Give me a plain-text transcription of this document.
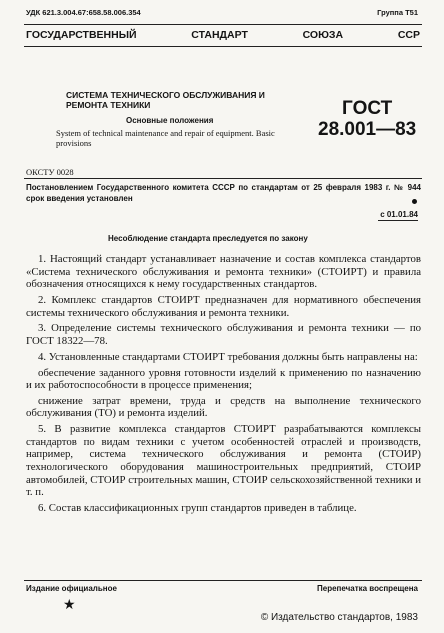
УДК 621.3.004.67:658.58.006.354	Группа Т51
ГОСУДАРСТВЕННЫЙ	СТАНДАРТ	СОЮЗА	ССР
СИСТЕМА ТЕХНИЧЕСКОГО ОБСЛУЖИВАНИЯ И РЕМОНТА ТЕХНИКИ
Основные положения
System of technical maintenance and repair of equipment. Basic provisions
ГОСТ
28.001—83
ОКСТУ 0028
Постановлением Государственного комитета СССР по стандартам от 25 февраля 1983 г. № 944 срок введения установлен
с 01.01.84
Несоблюдение стандарта преследуется по закону

1. Настоящий стандарт устанавливает назначение и состав комплекса стандартов «Система технического обслуживания и ремонта техники» (СТОИРТ) и правила обозначения относящихся к нему государственных стандартов.

2. Комплекс стандартов СТОИРТ предназначен для нормативного обеспечения системы технического обслуживания и ремонта техники.

3. Определение системы технического обслуживания и ремонта техники — по ГОСТ 18322—78.

4. Установленные стандартами СТОИРТ требования должны быть направлены на:

обеспечение заданного уровня готовности изделий к применению по назначению и их работоспособности в процессе применения;

снижение затрат времени, труда и средств на выполнение технического обслуживания (ТО) и ремонта изделий.

5. В развитие комплекса стандартов СТОИРТ разрабатываются комплексы стандартов по видам техники с учетом особенностей отраслей и производств, например, система технического обслуживания и ремонта (СТОИР) технологического оборудования машиностроительных предприятий, СТОИР автомобилей, СТОИР строительных машин, СТОИР сельскохозяйственной техники и т. п.

6. Состав классификационных групп стандартов приведен в таблице.

Издание официальное	Перепечатка воспрещена
★
© Издательство стандартов, 1983
